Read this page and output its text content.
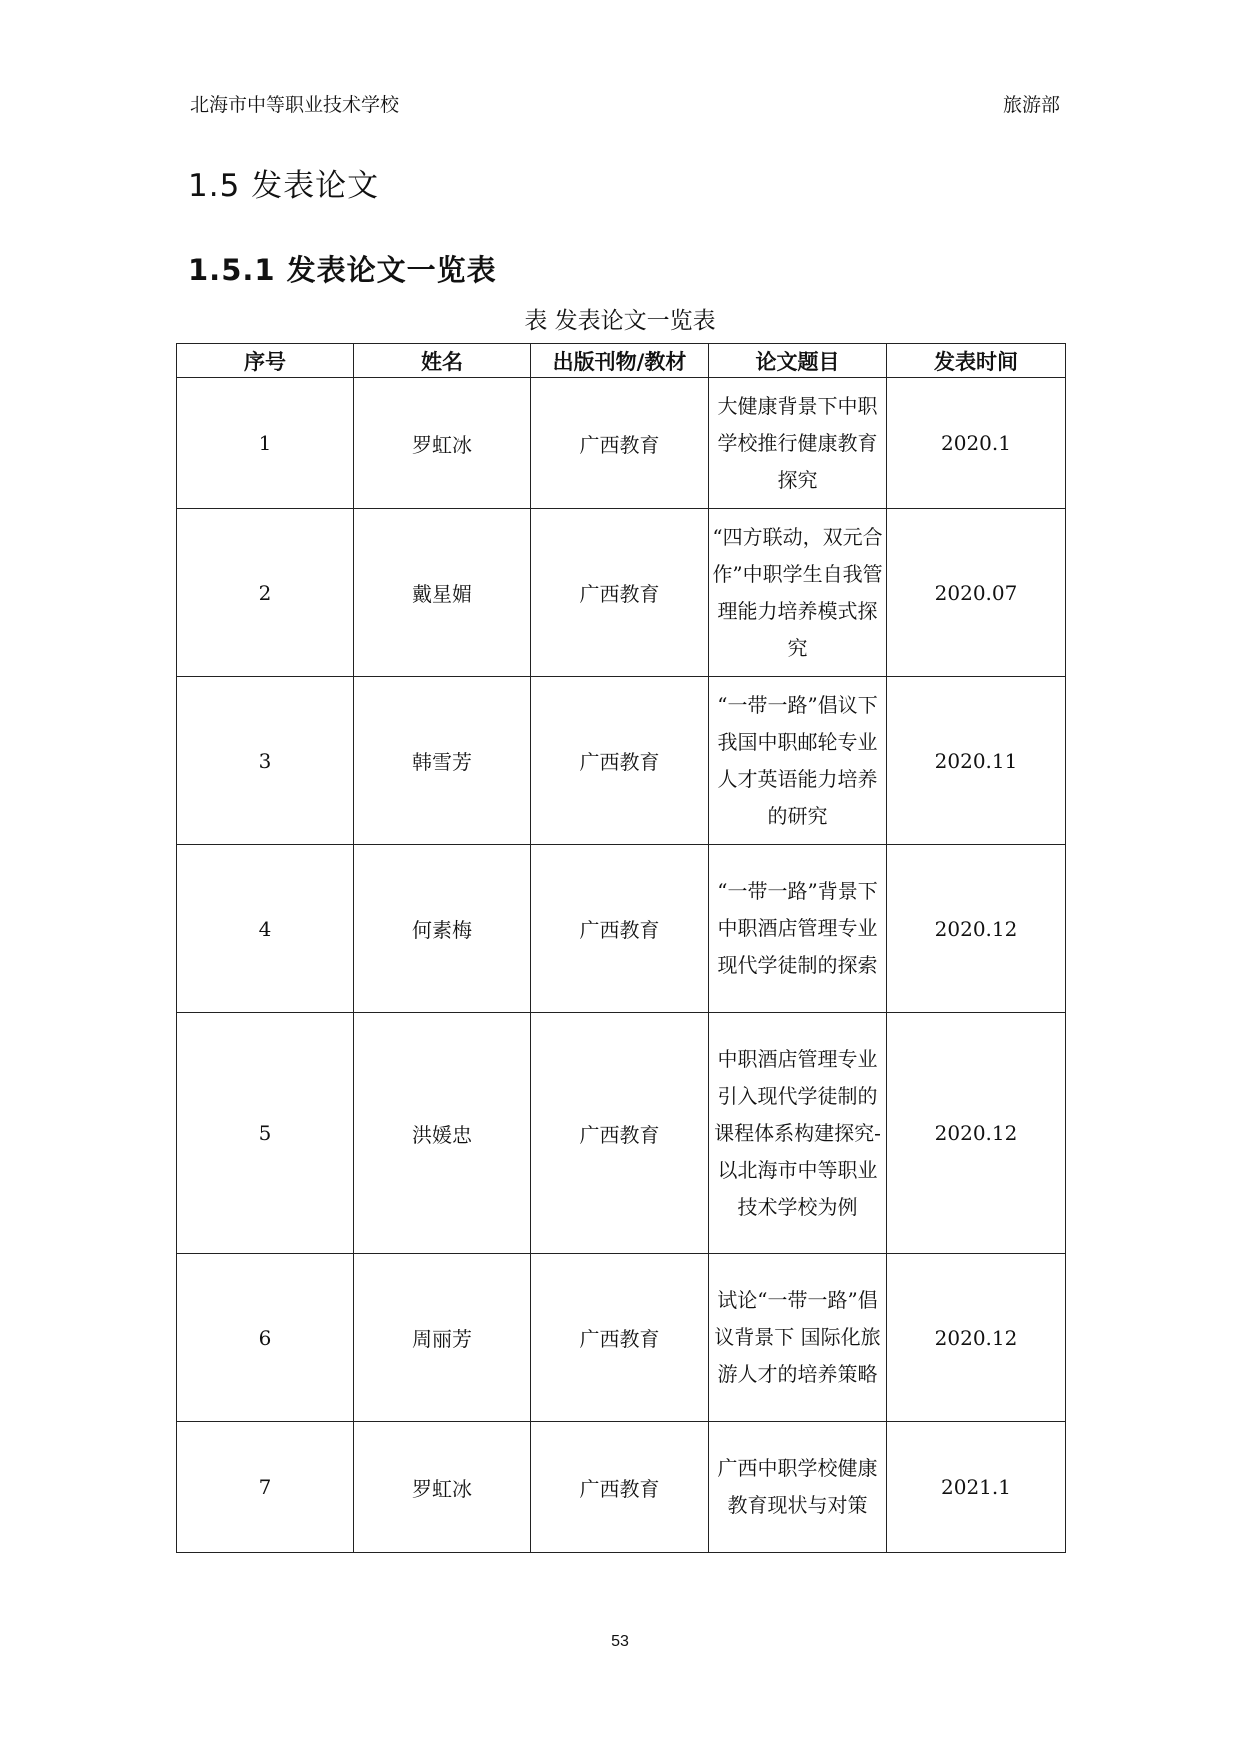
北海市中等职业技术学校	旅游部
1.5 发表论文
1.5.1 发表论文一览表
表 发表论文一览表
序号	姓名	出版刊物/教材	论文题目	发表时间
1	罗虹冰	广西教育	大健康背景下中职学校推行健康教育探究	2020.1
2	戴星媚	广西教育	“四方联动，双元合作”中职学生自我管理能力培养模式探究	2020.07
3	韩雪芳	广西教育	“一带一路”倡议下我国中职邮轮专业人才英语能力培养的研究	2020.11
4	何素梅	广西教育	“一带一路”背景下中职酒店管理专业现代学徒制的探索	2020.12
5	洪媛忠	广西教育	中职酒店管理专业引入现代学徒制的课程体系构建探究-以北海市中等职业技术学校为例	2020.12
6	周丽芳	广西教育	试论“一带一路”倡议背景下 国际化旅游人才的培养策略	2020.12
7	罗虹冰	广西教育	广西中职学校健康教育现状与对策	2021.1
53
